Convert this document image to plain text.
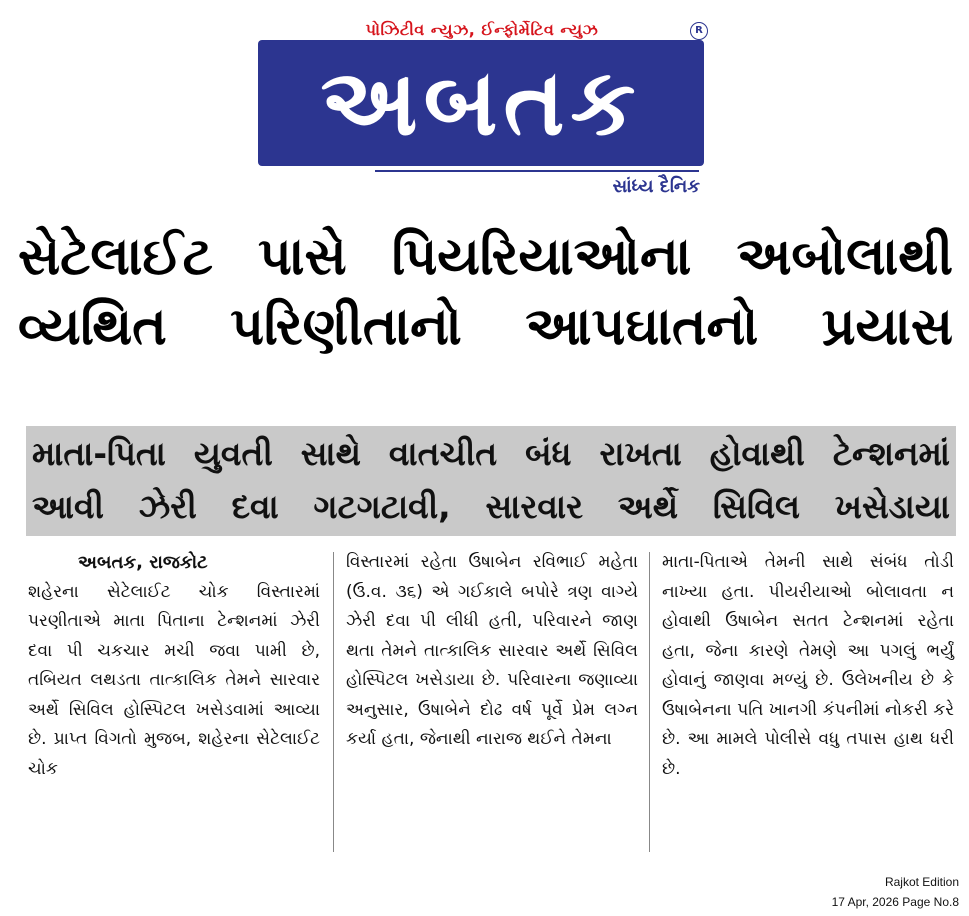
પોઝિટીવ ન્યુઝ, ઈન્ફોર્મેટિવ ન્યુઝ	R
અબતક
સાંધ્ય દૈનિક
સેટેલાઈટ પાસે પિયરિયાઓના અબોલાથી
વ્યથિત પરિણીતાનો આપઘાતનો પ્રયાસ
માતા-પિતા યુવતી સાથે વાતચીત બંધ રાખતા હોવાથી ટેન્શનમાં
આવી ઝેરી દવા ગટગટાવી, સારવાર અર્થે સિવિલ ખસેડાયા
અબતક, રાજકોટ
શહેરના સેટેલાઈટ ચોક વિસ્તારમાં પરણીતાએ માતા પિતાના ટેન્શનમાં ઝેરી દવા પી ચકચાર મચી જવા પામી છે, તબિયત લથડતા તાત્કાલિક તેમને સારવાર અર્થે સિવિલ હોસ્પિટલ ખસેડવામાં આવ્યા છે. પ્રાપ્ત વિગતો મુજબ, શહેરના સેટેલાઈટ ચોક
વિસ્તારમાં રહેતા ઉષાબેન રવિભાઈ મહેતા (ઉ.વ. ૩૬) એ ગઈકાલે બપોરે ત્રણ વાગ્યે ઝેરી દવા પી લીધી હતી, પરિવારને જાણ થતા તેમને તાત્કાલિક સારવાર અર્થે સિવિલ હોસ્પિટલ ખસેડાયા છે. પરિવારના જણાવ્યા અનુસાર, ઉષાબેને દોઢ વર્ષ પૂર્વે પ્રેમ લગ્ન કર્યા હતા, જેનાથી નારાજ થઈને તેમના
માતા-પિતાએ તેમની સાથે સંબંધ તોડી નાખ્યા હતા. પીયરીયાઓ બોલાવતા ન હોવાથી ઉષાબેન સતત ટેન્શનમાં રહેતા હતા, જેના કારણે તેમણે આ પગલું ભર્યું હોવાનું જાણવા મળ્યું છે. ઉલેખનીય છે કે ઉષાબેનના પતિ ખાનગી કંપનીમાં નોકરી કરે છે. આ મામલે પોલીસે વધુ તપાસ હાથ ધરી છે.
Rajkot Edition
17 Apr, 2026 Page No.8
